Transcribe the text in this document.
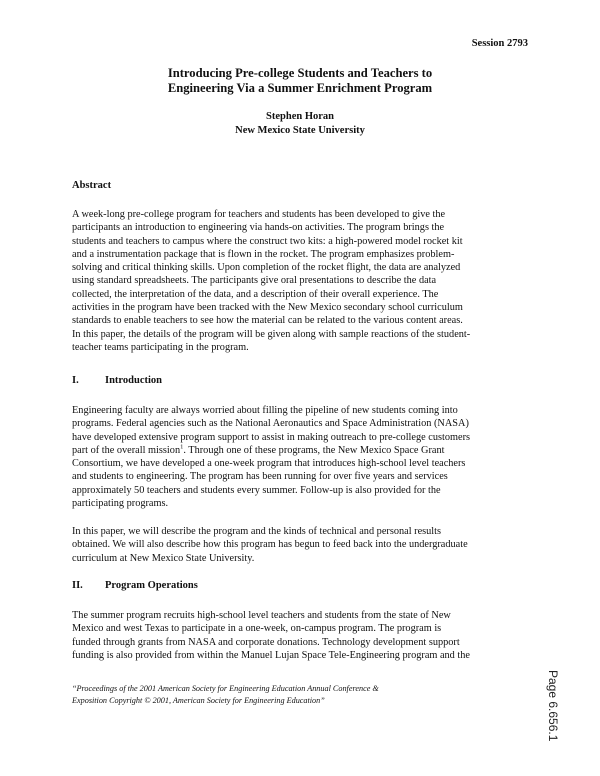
Session 2793
Introducing Pre-college Students and Teachers to
Engineering Via a Summer Enrichment Program
Stephen Horan
New Mexico State University
Abstract
A week-long pre-college program for teachers and students has been developed to give the
participants an introduction to engineering via hands-on activities. The program brings the
students and teachers to campus where the construct two kits: a high-powered model rocket kit
and a instrumentation package that is flown in the rocket. The program emphasizes problem-
solving and critical thinking skills. Upon completion of the rocket flight, the data are analyzed
using standard spreadsheets. The participants give oral presentations to describe the data
collected, the interpretation of the data, and a description of their overall experience. The
activities in the program have been tracked with the New Mexico secondary school curriculum
standards to enable teachers to see how the material can be related to the various content areas.
In this paper, the details of the program will be given along with sample reactions of the student-
teacher teams participating in the program.
I.	Introduction
Engineering faculty are always worried about filling the pipeline of new students coming into
programs. Federal agencies such as the National Aeronautics and Space Administration (NASA)
have developed extensive program support to assist in making outreach to pre-college customers
part of the overall mission$^1$. Through one of these programs, the New Mexico Space Grant
Consortium, we have developed a one-week program that introduces high-school level teachers
and students to engineering. The program has been running for over five years and services
approximately 50 teachers and students every summer. Follow-up is also provided for the
participating programs.
In this paper, we will describe the program and the kinds of technical and personal results
obtained. We will also describe how this program has begun to feed back into the undergraduate
curriculum at New Mexico State University.
II. Program Operations
The summer program recruits high-school level teachers and students from the state of New
Mexico and west Texas to participate in a one-week, on-campus program. The program is
funded through grants from NASA and corporate donations. Technology development support
funding is also provided from within the Manuel Lujan Space Tele-Engineering program and the
“Proceedings of the 2001 American Society for Engineering Education Annual Conference &
Exposition Copyright © 2001, American Society for Engineering Education”	Page 6.656.1
